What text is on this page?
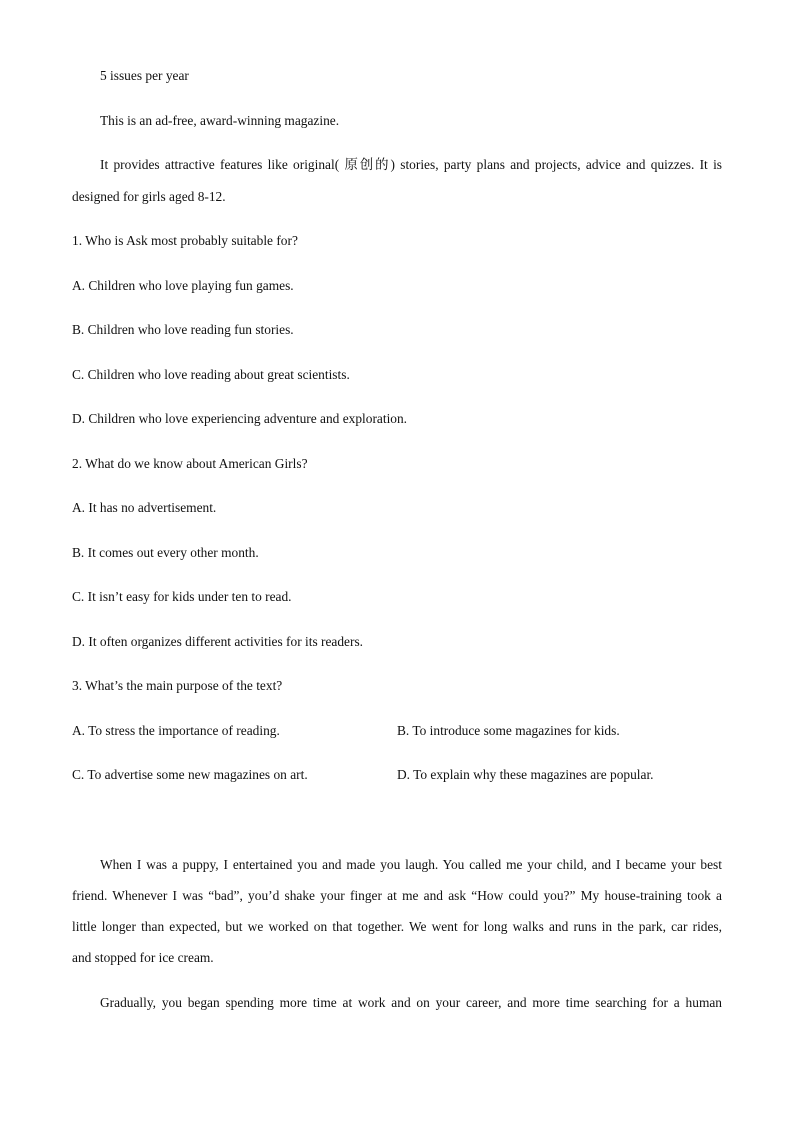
5 issues per year
This is an ad-free, award-winning magazine.
It provides attractive features like original( 原创的) stories, party plans and projects, advice and quizzes. It is
designed for girls aged 8-12.
1. Who is Ask most probably suitable for?
A. Children who love playing fun games.
B. Children who love reading fun stories.
C. Children who love reading about great scientists.
D. Children who love experiencing adventure and exploration.
2. What do we know about American Girls?
A. It has no advertisement.
B. It comes out every other month.
C. It isn’t easy for kids under ten to read.
D. It often organizes different activities for its readers.
3. What’s the main purpose of the text?
A. To stress the importance of reading.	B. To introduce some magazines for kids.
C. To advertise some new magazines on art.	D. To explain why these magazines are popular.
When I was a puppy, I entertained you and made you laugh. You called me your child, and I became your best
friend. Whenever I was “bad”, you’d shake your finger at me and ask “How could you?” My house-training took a
little longer than expected, but we worked on that together. We went for long walks and runs in the park, car rides,
and stopped for ice cream.
Gradually, you began spending more time at work and on your career, and more time searching for a human
